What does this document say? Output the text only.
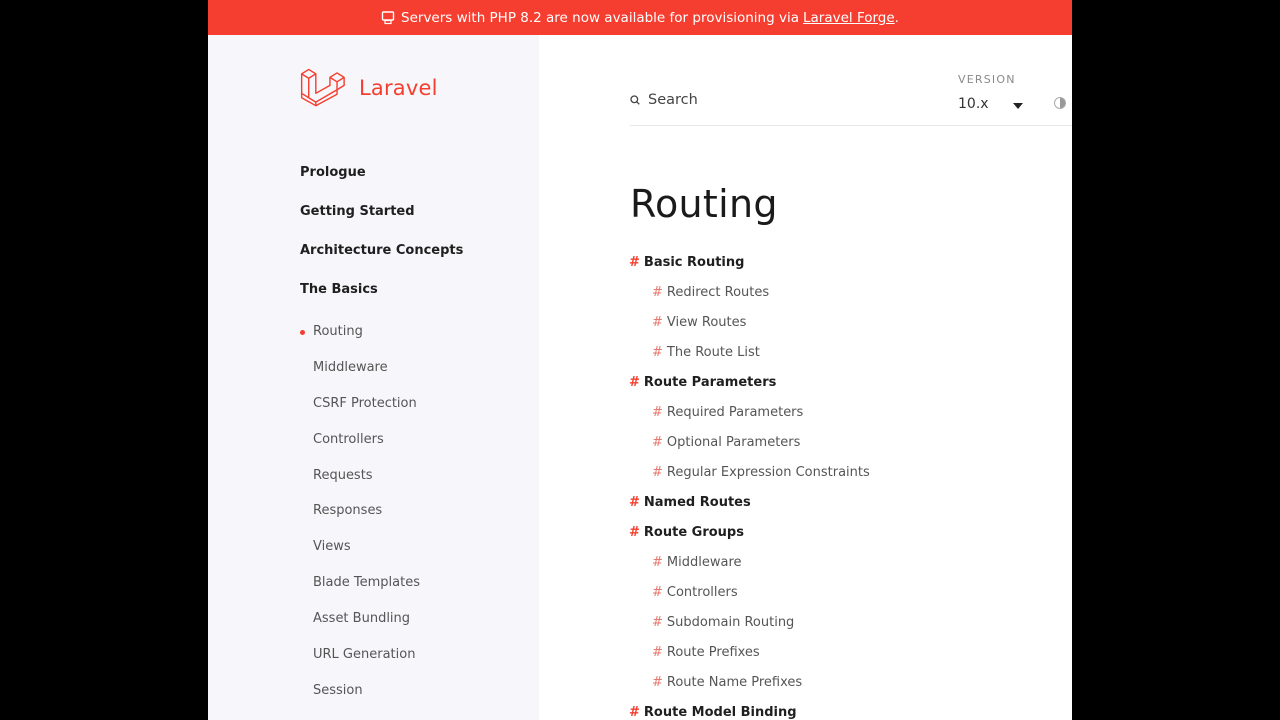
Servers with PHP 8.2 are now available for provisioning via Laravel Forge .
Laravel
Prologue
Getting Started
Architecture Concepts
The Basics
Routing
Middleware
CSRF Protection
Controllers
Requests
Responses
Views
Blade Templates
Asset Bundling
URL Generation
Session
Search
VERSION
10.x
Routing
# Basic Routing
# Redirect Routes
# View Routes
# The Route List
# Route Parameters
# Required Parameters
# Optional Parameters
# Regular Expression Constraints
# Named Routes
# Route Groups
# Middleware
# Controllers
# Subdomain Routing
# Route Prefixes
# Route Name Prefixes
# Route Model Binding
